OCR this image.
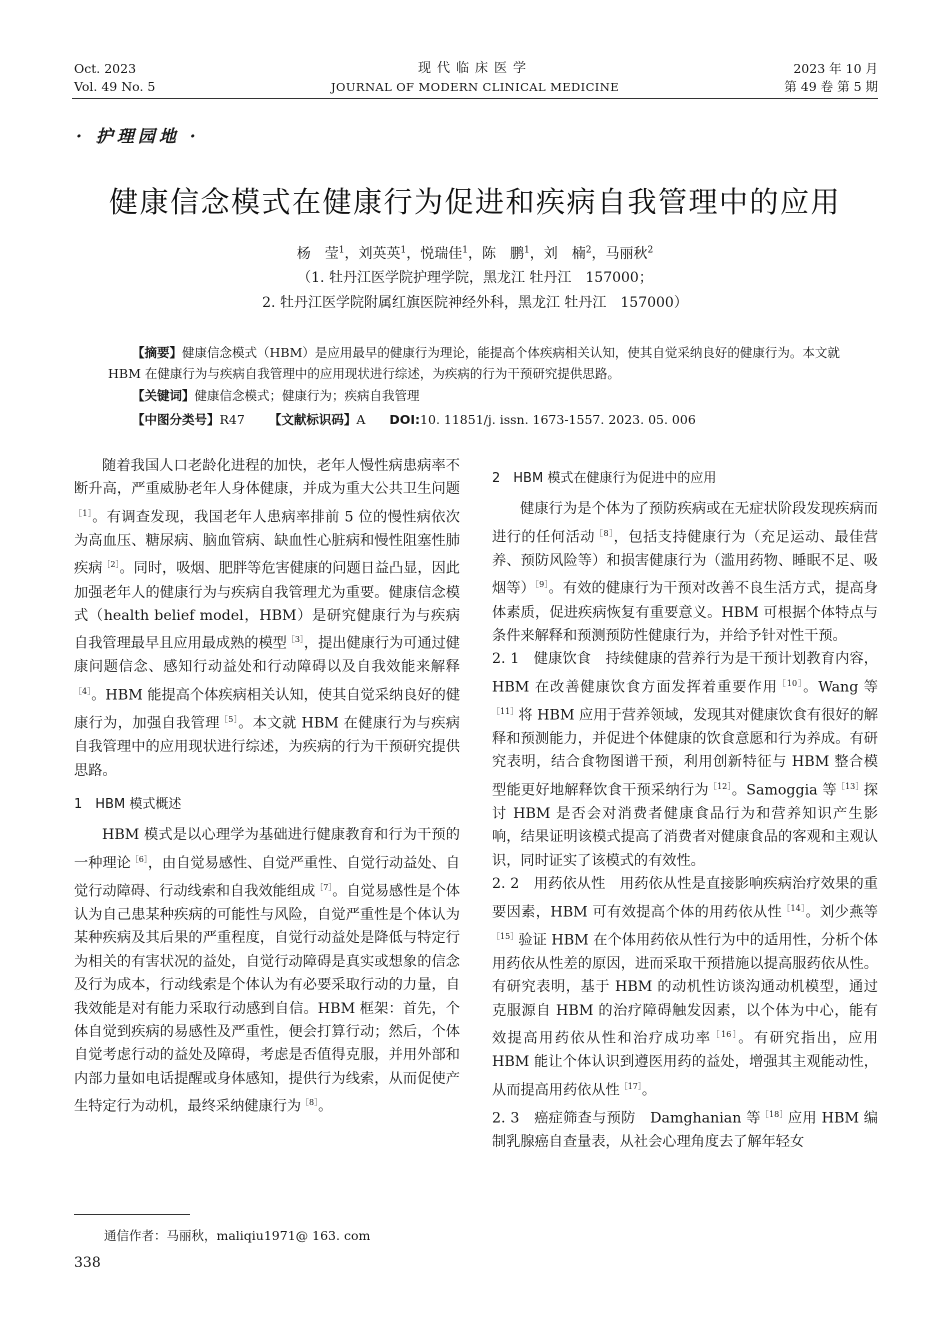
Oct. 2023
Vol. 49 No. 5
现代临床医学
JOURNAL OF MODERN CLINICAL MEDICINE
2023 年 10 月
第 49 卷 第 5 期
· 护理园地 ·
健康信念模式在健康行为促进和疾病自我管理中的应用
杨　莹$^1$，刘英英$^1$，悦瑞佳$^1$，陈　鹏$^1$，刘　楠$^2$，马丽秋$^2$
（1. 牡丹江医学院护理学院，黑龙江 牡丹江　157000；
2. 牡丹江医学院附属红旗医院神经外科，黑龙江 牡丹江　157000）
【摘要】健康信念模式（HBM）是应用最早的健康行为理论，能提高个体疾病相关认知，使其自觉采纳良好的健康行为。本文就 HBM 在健康行为与疾病自我管理中的应用现状进行综述，为疾病的行为干预研究提供思路。
【关键词】健康信念模式；健康行为；疾病自我管理
【中图分类号】R47 【文献标识码】A DOI:10. 11851/j. issn. 1673-1557. 2023. 05. 006

随着我国人口老龄化进程的加快，老年人慢性病患病率不断升高，严重威胁老年人身体健康，并成为重大公共卫生问题$^{[1]}$。有调查发现，我国老年人患病率排前 5 位的慢性病依次为高血压、糖尿病、脑血管病、缺血性心脏病和慢性阻塞性肺疾病$^{[2]}$。同时，吸烟、肥胖等危害健康的问题日益凸显，因此加强老年人的健康行为与疾病自我管理尤为重要。健康信念模式（health belief model，HBM）是研究健康行为与疾病自我管理最早且应用最成熟的模型$^{[3]}$，提出健康行为可通过健康问题信念、感知行动益处和行动障碍以及自我效能来解释$^{[4]}$。HBM 能提高个体疾病相关认知，使其自觉采纳良好的健康行为，加强自我管理$^{[5]}$。本文就 HBM 在健康行为与疾病自我管理中的应用现状进行综述，为疾病的行为干预研究提供思路。

1　HBM 模式概述

HBM 模式是以心理学为基础进行健康教育和行为干预的一种理论$^{[6]}$，由自觉易感性、自觉严重性、自觉行动益处、自觉行动障碍、行动线索和自我效能组成$^{[7]}$。自觉易感性是个体认为自己患某种疾病的可能性与风险，自觉严重性是个体认为某种疾病及其后果的严重程度，自觉行动益处是降低与特定行为相关的有害状况的益处，自觉行动障碍是真实或想象的信念及行为成本，行动线索是个体认为有必要采取行动的力量，自我效能是对有能力采取行动感到自信。HBM 框架：首先，个体自觉到疾病的易感性及严重性，便会打算行动；然后，个体自觉考虑行动的益处及障碍，考虑是否值得克服，并用外部和内部力量如电话提醒或身体感知，提供行为线索，从而促使产生特定行为动机，最终采纳健康行为$^{[8]}$。

2　HBM 模式在健康行为促进中的应用

健康行为是个体为了预防疾病或在无症状阶段发现疾病而进行的任何活动$^{[8]}$，包括支持健康行为（充足运动、最佳营养、预防风险等）和损害健康行为（滥用药物、睡眠不足、吸烟等）$^{[9]}$。有效的健康行为干预对改善不良生活方式，提高身体素质，促进疾病恢复有重要意义。HBM 可根据个体特点与条件来解释和预测预防性健康行为，并给予针对性干预。

2. 1　健康饮食　持续健康的营养行为是干预计划教育内容，HBM 在改善健康饮食方面发挥着重要作用$^{[10]}$。Wang 等$^{[11]}$将 HBM 应用于营养领域，发现其对健康饮食有很好的解释和预测能力，并促进个体健康的饮食意愿和行为养成。有研究表明，结合食物图谱干预，利用创新特征与 HBM 整合模型能更好地解释饮食干预采纳行为$^{[12]}$。Samoggia 等$^{[13]}$探讨 HBM 是否会对消费者健康食品行为和营养知识产生影响，结果证明该模式提高了消费者对健康食品的客观和主观认识，同时证实了该模式的有效性。

2. 2　用药依从性　用药依从性是直接影响疾病治疗效果的重要因素，HBM 可有效提高个体的用药依从性$^{[14]}$。刘少燕等$^{[15]}$验证 HBM 在个体用药依从性行为中的适用性，分析个体用药依从性差的原因，进而采取干预措施以提高服药依从性。有研究表明，基于 HBM 的动机性访谈沟通动机模型，通过克服源自 HBM 的治疗障碍触发因素，以个体为中心，能有效提高用药依从性和治疗成功率$^{[16]}$。有研究指出，应用 HBM 能让个体认识到遵医用药的益处，增强其主观能动性，从而提高用药依从性$^{[17]}$。

2. 3　癌症筛查与预防　Damghanian 等$^{[18]}$应用 HBM 编制乳腺癌自查量表，从社会心理角度去了解年轻女

通信作者：马丽秋，maliqiu1971@ 163. com
338
